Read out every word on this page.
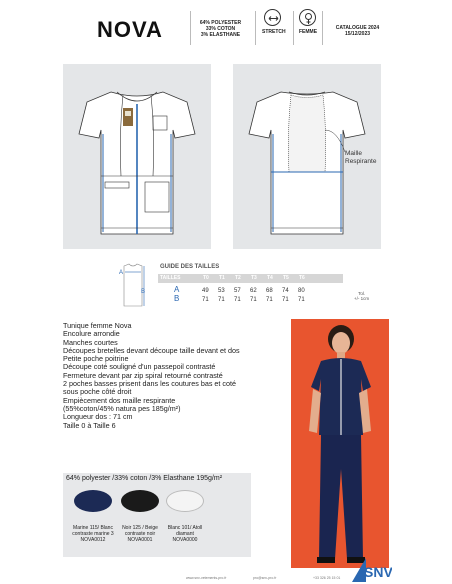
NOVA	64% POLYESTER
33% COTON
3% ELASTHANE	STRETCH	FEMME
CATALOGUE 2024
15/12/2023
Maille
Respirante
A
B
GUIDE DES TAILLES
TAILLES	T0 T1 T2 T3 T4 T5 T6
A	49 53 57 62 68 74 80
B	71 71 71 71 71 71 71
Tol.
+/- 1cm
Tunique femme Nova
Encolure arrondie
Manches courtes
Découpes bretelles devant découpe taille devant et dos
Petite poche poitrine
Découpe coté souligné d'un passepoil contrasté
Fermeture devant par zip spiral retourné contrasté
2 poches basses prisent dans les coutures bas et coté
sous poche côté droit
Empiècement dos maille respirante
(55%coton/45% natura pes 185g/m²)
Longueur dos : 71 cm
Taille 0 à Taille 6
64% polyester /33% coton /3% Elasthane 195g/m²
Marine 115/ Blanc
contraste marine 3
NOVA0012
Noir 125 / Beige
contraste noir
NOVA0001
Blanc 101/ Atoll
diamant
NOVA0000
www.snv-vetements-pro.fr	pro@snv-pro.fr	+33 326 25 15 01 SNV
